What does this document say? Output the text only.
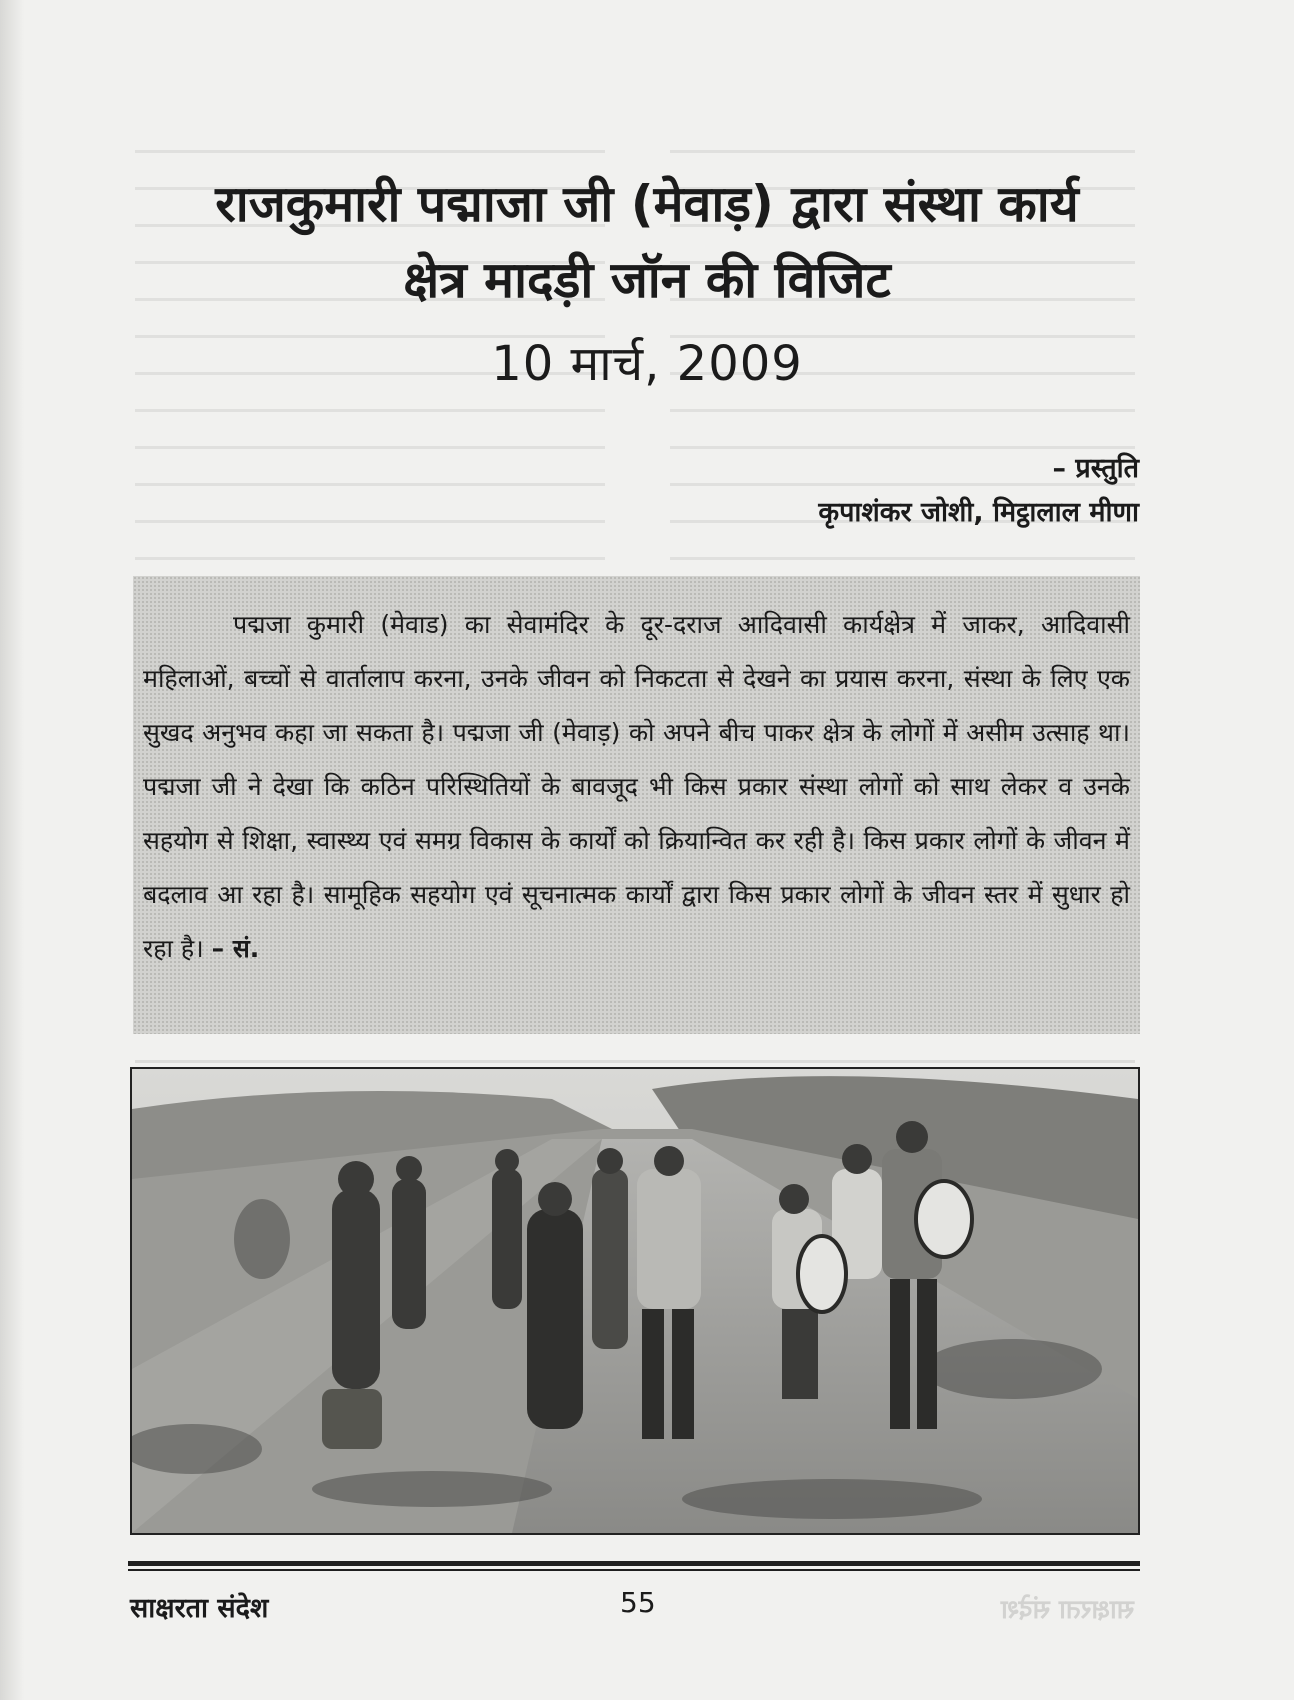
राजकुमारी पद्माजा जी (मेवाड़) द्वारा संस्था कार्य
क्षेत्र मादड़ी जॉन की विजिट
10 मार्च, 2009
– प्रस्तुति
कृपाशंकर जोशी, मिट्ठालाल मीणा

पद्मजा कुमारी (मेवाड) का सेवामंदिर के दूर-दराज आदिवासी कार्यक्षेत्र में जाकर, आदिवासी महिलाओं, बच्चों से वार्तालाप करना, उनके जीवन को निकटता से देखने का प्रयास करना, संस्था के लिए एक सुखद अनुभव कहा जा सकता है। पद्मजा जी (मेवाड़) को अपने बीच पाकर क्षेत्र के लोगों में असीम उत्साह था। पद्मजा जी ने देखा कि कठिन परिस्थितियों के बावजूद भी किस प्रकार संस्था लोगों को साथ लेकर व उनके सहयोग से शिक्षा, स्वास्थ्य एवं समग्र विकास के कार्यों को क्रियान्वित कर रही है। किस प्रकार लोगों के जीवन में बदलाव आ रहा है। सामूहिक सहयोग एवं सूचनात्मक कार्यों द्वारा किस प्रकार लोगों के जीवन स्तर में सुधार हो रहा है। – सं.

साक्षरता संदेश	55	साक्षरता संदेश
